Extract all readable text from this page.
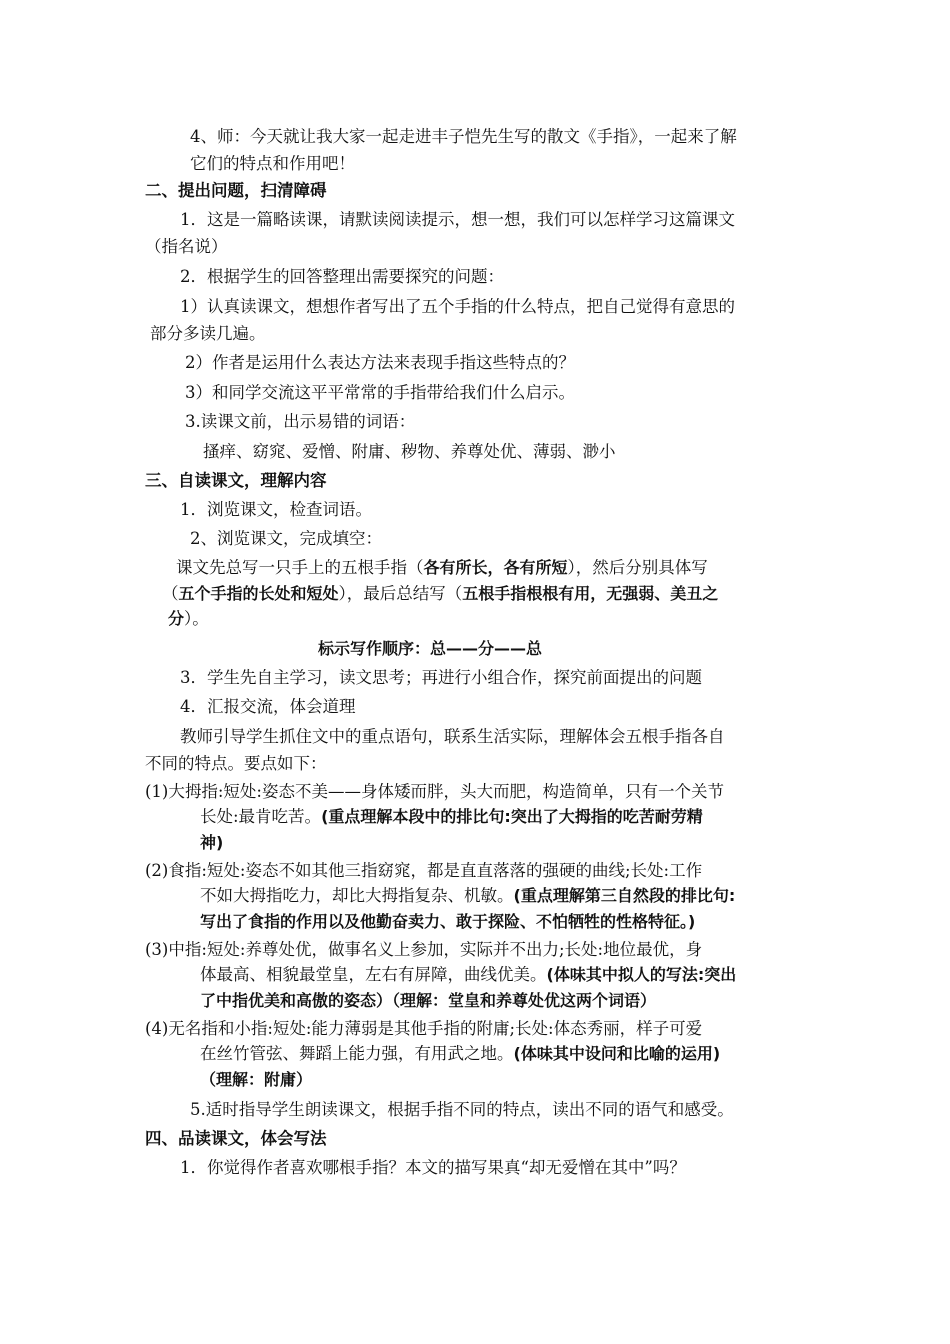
4、师：今天就让我大家一起走进丰子恺先生写的散文《手指》，一起来了解
它们的特点和作用吧！
二、提出问题，扫清障碍
1．这是一篇略读课，请默读阅读提示，想一想，我们可以怎样学习这篇课文
（指名说）
2．根据学生的回答整理出需要探究的问题：
1）认真读课文，想想作者写出了五个手指的什么特点，把自己觉得有意思的
部分多读几遍。
2）作者是运用什么表达方法来表现手指这些特点的？
3）和同学交流这平平常常的手指带给我们什么启示。
3.读课文前，出示易错的词语：
搔痒、窈窕、爱憎、附庸、秽物、养尊处优、薄弱、渺小
三、自读课文，理解内容
1．浏览课文，检查词语。
2、浏览课文，完成填空：
课文先总写一只手上的五根手指（各有所长，各有所短），然后分别具体写
（五个手指的长处和短处），最后总结写（五根手指根根有用，无强弱、美丑之
分）。
标示写作顺序：总——分——总
3．学生先自主学习，读文思考；再进行小组合作，探究前面提出的问题
4．汇报交流，体会道理
教师引导学生抓住文中的重点语句，联系生活实际，理解体会五根手指各自
不同的特点。要点如下：
(1)大拇指:短处:姿态不美——身体矮而胖，头大而肥，构造简单，只有一个关节
长处:最肯吃苦。(重点理解本段中的排比句:突出了大拇指的吃苦耐劳精
神)
(2)食指:短处:姿态不如其他三指窈窕，都是直直落落的强硬的曲线;长处:工作
不如大拇指吃力，却比大拇指复杂、机敏。(重点理解第三自然段的排比句:
写出了食指的作用以及他勤奋卖力、敢于探险、不怕牺牲的性格特征。)
(3)中指:短处:养尊处优，做事名义上参加，实际并不出力;长处:地位最优，身
体最高、相貌最堂皇，左右有屏障，曲线优美。(体味其中拟人的写法:突出
了中指优美和高傲的姿态）（理解：堂皇和养尊处优这两个词语）
(4)无名指和小指:短处:能力薄弱是其他手指的附庸;长处:体态秀丽，样子可爱
在丝竹管弦、舞蹈上能力强，有用武之地。(体味其中设问和比喻的运用)
（理解：附庸）
5.适时指导学生朗读课文，根据手指不同的特点，读出不同的语气和感受。
四、品读课文，体会写法
1．你觉得作者喜欢哪根手指？本文的描写果真“却无爱憎在其中”吗？
